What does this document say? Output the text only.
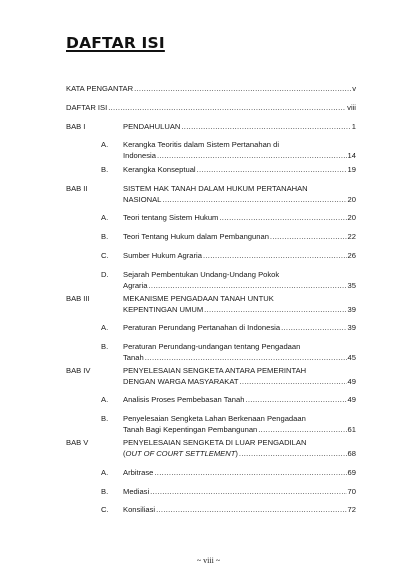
DAFTAR ISI
KATA PENGANTAR . . .	v
DAFTAR ISI . . .	viii
BAB I	PENDAHULUAN . . .	1
A. Kerangka Teoritis dalam Sistem Pertanahan di
Indonesia . . .	14
B. Kerangka Konseptual . . .	19
BAB II	SISTEM HAK TANAH DALAM HUKUM PERTANAHAN
NASIONAL . . .	20
A. Teori tentang Sistem Hukum . . .	20
B. Teori Tentang Hukum dalam Pembangunan . . .	22
C. Sumber Hukum Agraria . . .	26
D. Sejarah Pembentukan Undang-Undang Pokok
Agraria . . .	35
BAB III	MEKANISME PENGADAAN TANAH UNTUK
KEPENTINGAN UMUM . . .	39
A. Peraturan Perundang Pertanahan di Indonesia . . .	39
B. Peraturan Perundang-undangan tentang Pengadaan
Tanah . . .	45
BAB IV	PENYELESAIAN SENGKETA ANTARA PEMERINTAH
DENGAN WARGA MASYARAKAT . . .	49
A. Analisis Proses Pembebasan Tanah . . .	49
B. Penyelesaian Sengketa Lahan Berkenaan Pengadaan
Tanah Bagi Kepentingan Pembangunan . . .	61
BAB V	PENYELESAIAN SENGKETA DI LUAR PENGADILAN
(OUT OF COURT SETTLEMENT) . . .	68
A. Arbitrase . . .	69
B. Mediasi . . .	70
C. Konsiliasi . . .	72
~ viii ~
